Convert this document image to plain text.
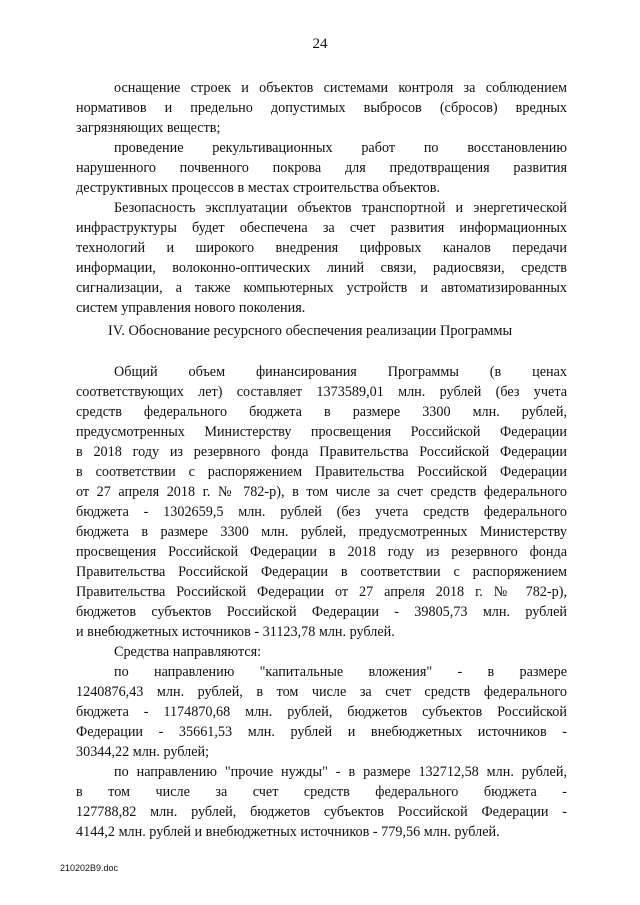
24
оснащение строек и объектов системами контроля за соблюдением
нормативов и предельно допустимых выбросов (сбросов) вредных
загрязняющих веществ;
проведение рекультивационных работ по восстановлению
нарушенного почвенного покрова для предотвращения развития
деструктивных процессов в местах строительства объектов.
Безопасность эксплуатации объектов транспортной и энергетической
инфраструктуры будет обеспечена за счет развития информационных
технологий и широкого внедрения цифровых каналов передачи
информации, волоконно-оптических линий связи, радиосвязи, средств
сигнализации, а также компьютерных устройств и автоматизированных
систем управления нового поколения.
IV. Обоснование ресурсного обеспечения реализации Программы
Общий объем финансирования Программы (в ценах
соответствующих лет) составляет 1373589,01 млн. рублей (без учета
средств федерального бюджета в размере 3300 млн. рублей,
предусмотренных Министерству просвещения Российской Федерации
в 2018 году из резервного фонда Правительства Российской Федерации
в соответствии с распоряжением Правительства Российской Федерации
от 27 апреля 2018 г. № 782-р), в том числе за счет средств федерального
бюджета - 1302659,5 млн. рублей (без учета средств федерального
бюджета в размере 3300 млн. рублей, предусмотренных Министерству
просвещения Российской Федерации в 2018 году из резервного фонда
Правительства Российской Федерации в соответствии с распоряжением
Правительства Российской Федерации от 27 апреля 2018 г. № 782-р),
бюджетов субъектов Российской Федерации - 39805,73 млн. рублей
и внебюджетных источников - 31123,78 млн. рублей.
Средства направляются:
по направлению "капитальные вложения" - в размере
1240876,43 млн. рублей, в том числе за счет средств федерального
бюджета - 1174870,68 млн. рублей, бюджетов субъектов Российской
Федерации - 35661,53 млн. рублей и внебюджетных источников -
30344,22 млн. рублей;
по направлению "прочие нужды" - в размере 132712,58 млн. рублей,
в том числе за счет средств федерального бюджета -
127788,82 млн. рублей, бюджетов субъектов Российской Федерации -
4144,2 млн. рублей и внебюджетных источников - 779,56 млн. рублей.
210202В9.doc
